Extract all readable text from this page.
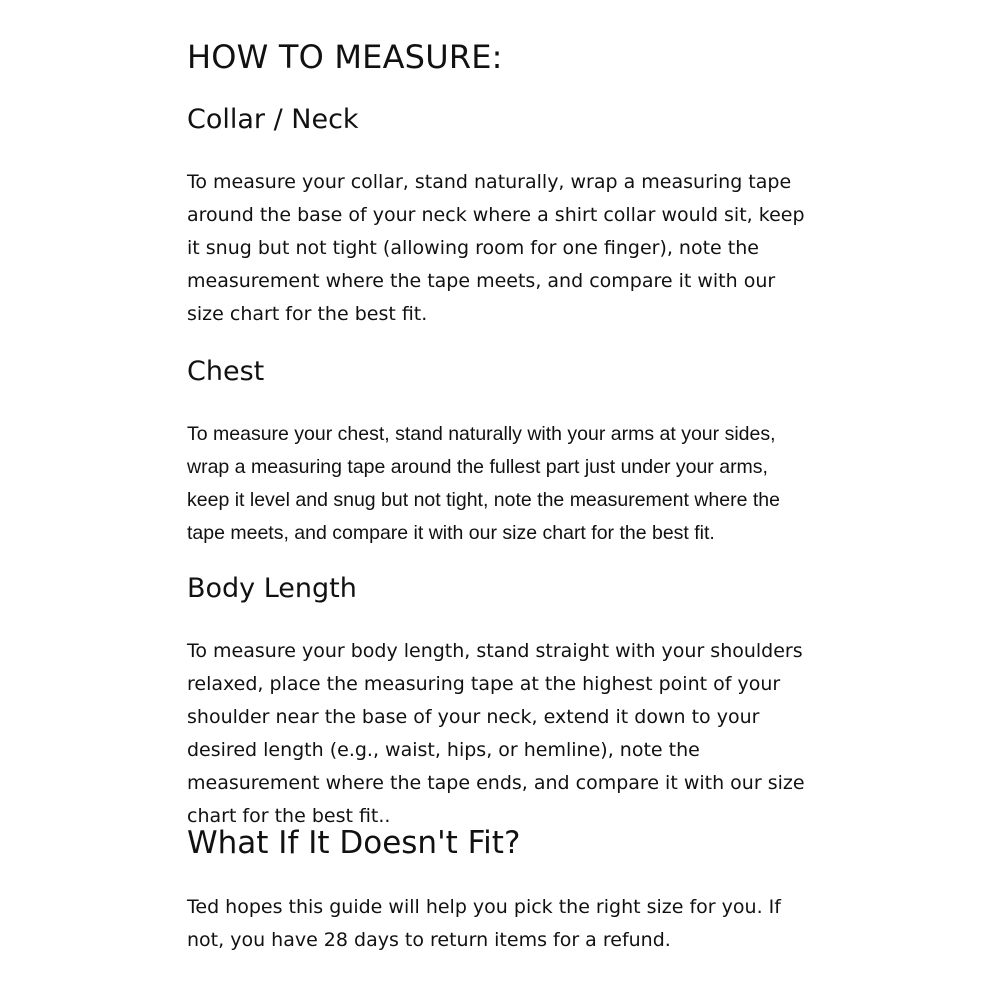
HOW TO MEASURE:
Collar / Neck

To measure your collar, stand naturally, wrap a measuring tape around the base of your neck where a shirt collar would sit, keep it snug but not tight (allowing room for one finger), note the measurement where the tape meets, and compare it with our size chart for the best fit.

Chest

To measure your chest, stand naturally with your arms at your sides, wrap a measuring tape around the fullest part just under your arms, keep it level and snug but not tight, note the measurement where the tape meets, and compare it with our size chart for the best fit.

Body Length

To measure your body length, stand straight with your shoulders relaxed, place the measuring tape at the highest point of your shoulder near the base of your neck, extend it down to your desired length (e.g., waist, hips, or hemline), note the measurement where the tape ends, and compare it with our size chart for the best fit..

What If It Doesn't Fit?

Ted hopes this guide will help you pick the right size for you. If not, you have 28 days to return items for a refund.
